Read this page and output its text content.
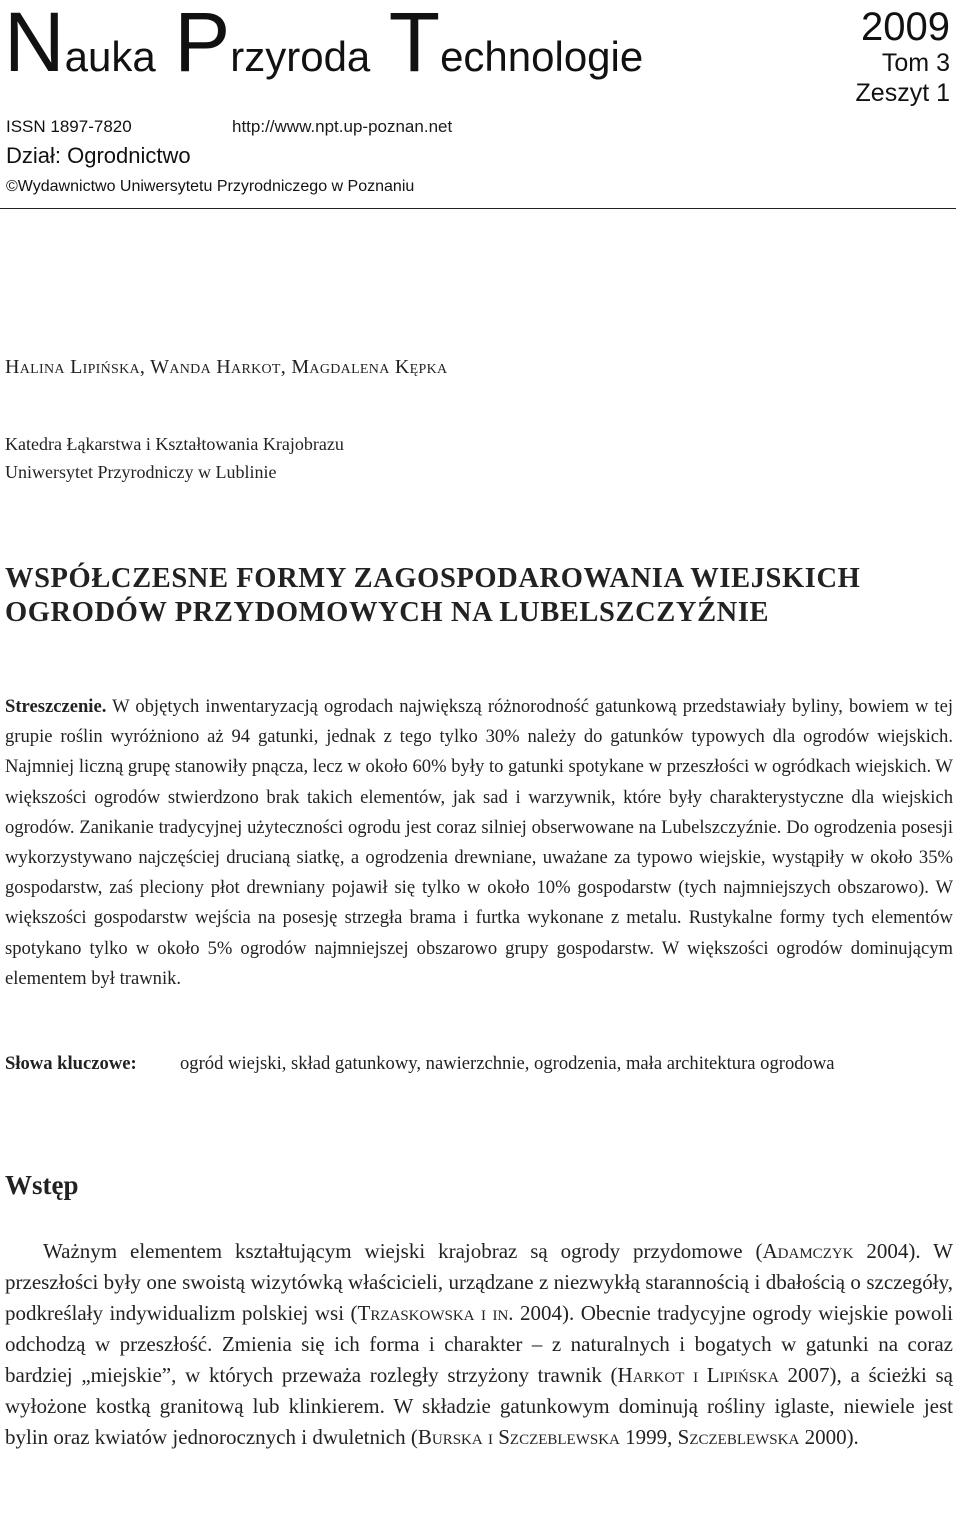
Nauka Przyroda Technologie
2009
Tom 3
Zeszyt 1
ISSN 1897-7820	http://www.npt.up-poznan.net
Dział: Ogrodnictwo
©Wydawnictwo Uniwersytetu Przyrodniczego w Poznaniu
Halina Lipińska, Wanda Harkot, Magdalena Kępka
Katedra Łąkarstwa i Kształtowania Krajobrazu
Uniwersytet Przyrodniczy w Lublinie
WSPÓŁCZESNE FORMY ZAGOSPODAROWANIA WIEJSKICH
OGRODÓW PRZYDOMOWYCH NA LUBELSZCZYŹNIE

Streszczenie. W objętych inwentaryzacją ogrodach największą różnorodność gatunkową przedstawiały byliny, bowiem w tej grupie roślin wyróżniono aż 94 gatunki, jednak z tego tylko 30% należy do gatunków typowych dla ogrodów wiejskich. Najmniej liczną grupę stanowiły pnącza, lecz w około 60% były to gatunki spotykane w przeszłości w ogródkach wiejskich. W większości ogrodów stwierdzono brak takich elementów, jak sad i warzywnik, które były charakterystyczne dla wiejskich ogrodów. Zanikanie tradycyjnej użyteczności ogrodu jest coraz silniej obserwowane na Lubelszczyźnie. Do ogrodzenia posesji wykorzystywano najczęściej drucianą siatkę, a ogrodzenia drewniane, uważane za typowo wiejskie, wystąpiły w około 35% gospodarstw, zaś pleciony płot drewniany pojawił się tylko w około 10% gospodarstw (tych najmniejszych obszarowo). W większości gospodarstw wejścia na posesję strzegła brama i furtka wykonane z metalu. Rustykalne formy tych elementów spotykano tylko w około 5% ogrodów najmniejszej obszarowo grupy gospodarstw. W większości ogrodów dominującym elementem był trawnik.

Słowa kluczowe: ogród wiejski, skład gatunkowy, nawierzchnie, ogrodzenia, mała architektura ogrodowa
Wstęp

Ważnym elementem kształtującym wiejski krajobraz są ogrody przydomowe (Adamczyk 2004). W przeszłości były one swoistą wizytówką właścicieli, urządzane z niezwykłą starannością i dbałością o szczegóły, podkreślały indywidualizm polskiej wsi (Trzaskowska i in. 2004). Obecnie tradycyjne ogrody wiejskie powoli odchodzą w przeszłość. Zmienia się ich forma i charakter – z naturalnych i bogatych w gatunki na coraz bardziej „miejskie”, w których przeważa rozległy strzyżony trawnik (Harkot i Lipińska 2007), a ścieżki są wyłożone kostką granitową lub klinkierem. W składzie gatunkowym dominują rośliny iglaste, niewiele jest bylin oraz kwiatów jednorocznych i dwuletnich (Burska i Szczeblewska 1999, Szczeblewska 2000).
